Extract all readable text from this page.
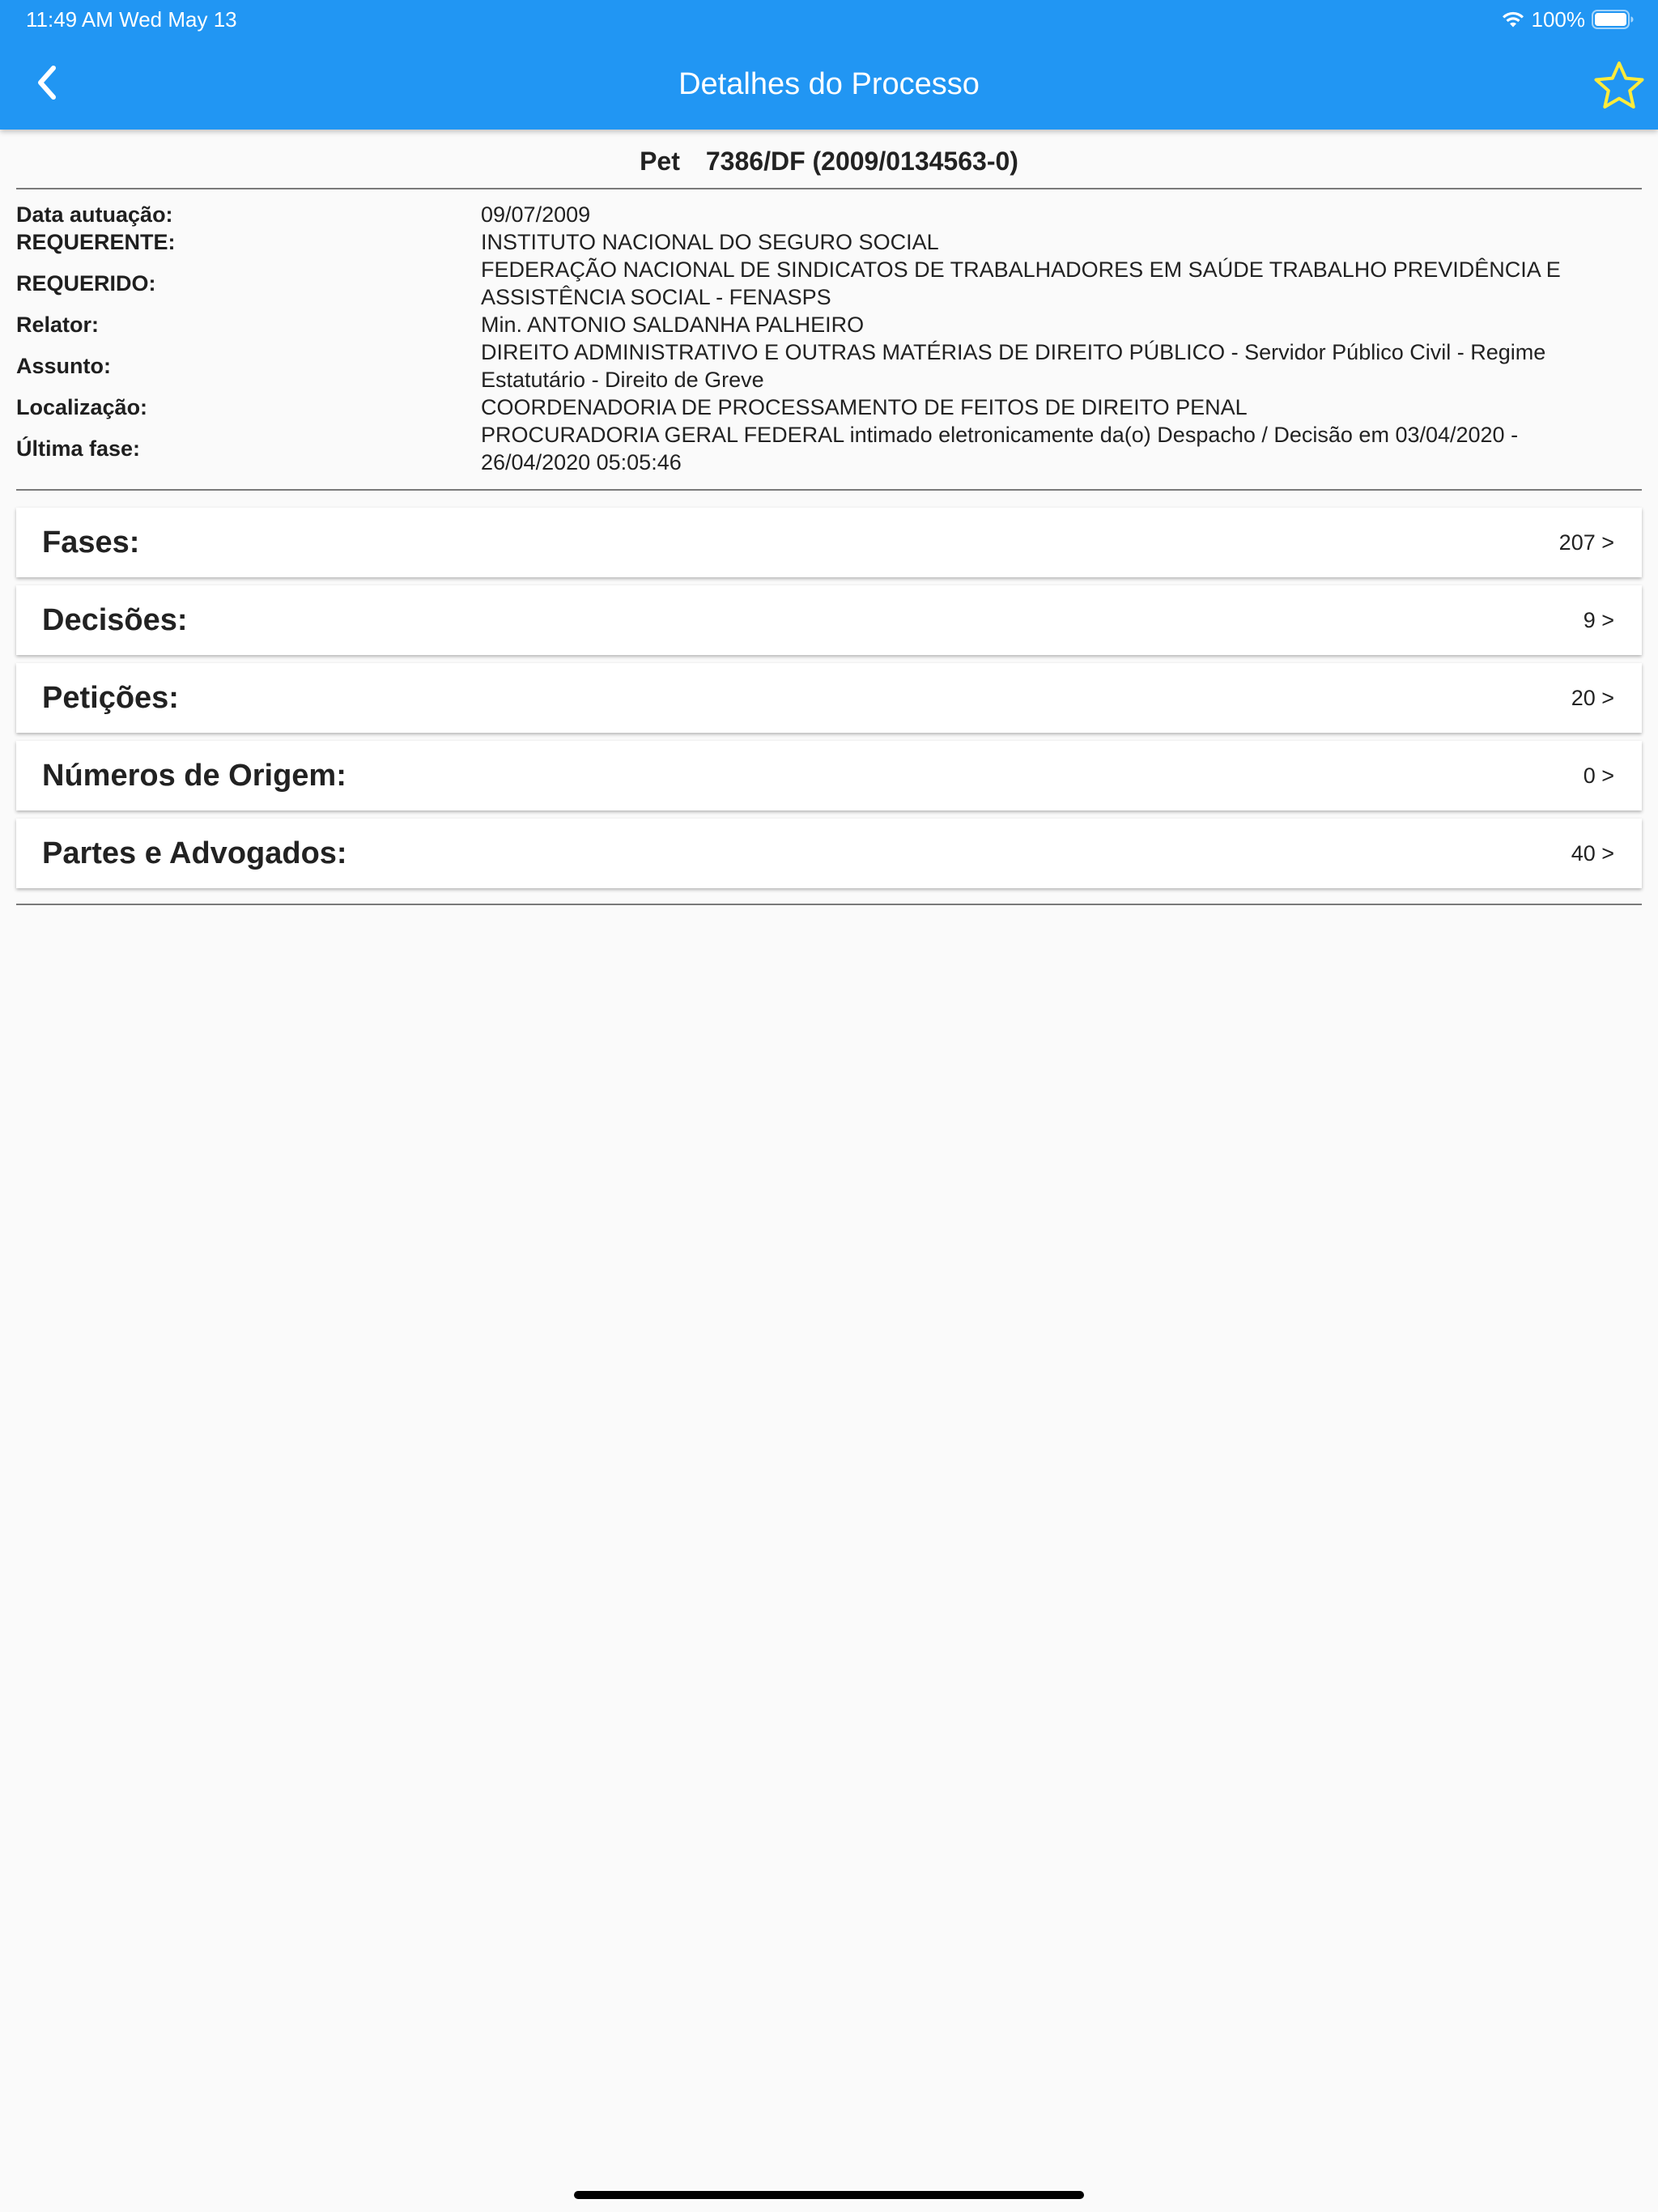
11:49 AM Wed May 13	100%
Detalhes do Processo
Pet 7386/DF (2009/0134563-0)
Data autuação:	09/07/2009
REQUERENTE:	INSTITUTO NACIONAL DO SEGURO SOCIAL
REQUERIDO:
FEDERAÇÃO NACIONAL DE SINDICATOS DE TRABALHADORES EM SAÚDE TRABALHO PREVIDÊNCIA E ASSISTÊNCIA SOCIAL - FENASPS
Relator:	Min. ANTONIO SALDANHA PALHEIRO
Assunto:
DIREITO ADMINISTRATIVO E OUTRAS MATÉRIAS DE DIREITO PÚBLICO - Servidor Público Civil - Regime Estatutário - Direito de Greve
Localização:	COORDENADORIA DE PROCESSAMENTO DE FEITOS DE DIREITO PENAL
Última fase:
PROCURADORIA GERAL FEDERAL intimado eletronicamente da(o) Despacho / Decisão em 03/04/2020 - 26/04/2020 05:05:46
Fases:	207 >
Decisões:	9 >
Petições:	20 >
Números de Origem:	0 >
Partes e Advogados:	40 >
